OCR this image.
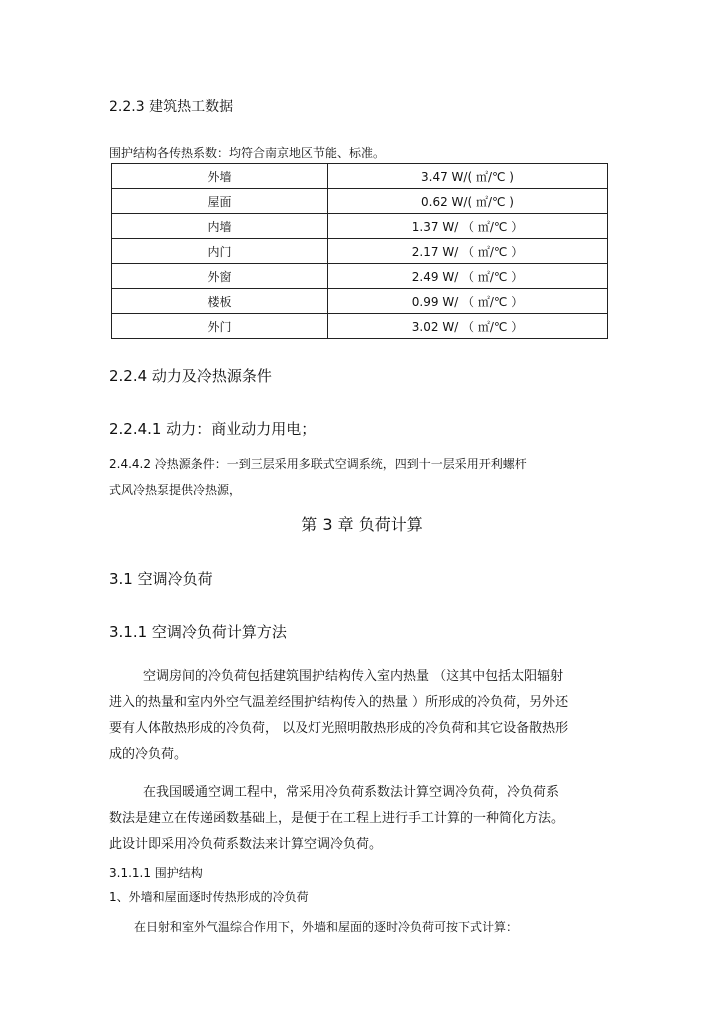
2.2.3 建筑热工数据
围护结构各传热系数：均符合南京地区节能、标准。
外墙	3.47 W/( ㎡/℃ )
屋面	0.62 W/( ㎡/℃ )
内墙	1.37 W/ （ ㎡/℃ ）
内门	2.17 W/ （ ㎡/℃ ）
外窗	2.49 W/ （ ㎡/℃ ）
楼板	0.99 W/ （ ㎡/℃ ）
外门	3.02 W/ （ ㎡/℃ ）
2.2.4 动力及冷热源条件
2.2.4.1 动力：商业动力用电；
2.4.4.2 冷热源条件：一到三层采用多联式空调系统，四到十一层采用开利螺杆
式风冷热泵提供冷热源，
第 3 章 负荷计算
3.1 空调冷负荷
3.1.1 空调冷负荷计算方法
空调房间的冷负荷包括建筑围护结构传入室内热量 （这其中包括太阳辐射
进入的热量和室内外空气温差经围护结构传入的热量 ）所形成的冷负荷，另外还
要有人体散热形成的冷负荷， 以及灯光照明散热形成的冷负荷和其它设备散热形
成的冷负荷。
在我国暖通空调工程中，常采用冷负荷系数法计算空调冷负荷，冷负荷系
数法是建立在传递函数基础上，是便于在工程上进行手工计算的一种简化方法。
此设计即采用冷负荷系数法来计算空调冷负荷。
3.1.1.1 围护结构
1、外墙和屋面逐时传热形成的冷负荷
在日射和室外气温综合作用下，外墙和屋面的逐时冷负荷可按下式计算：
